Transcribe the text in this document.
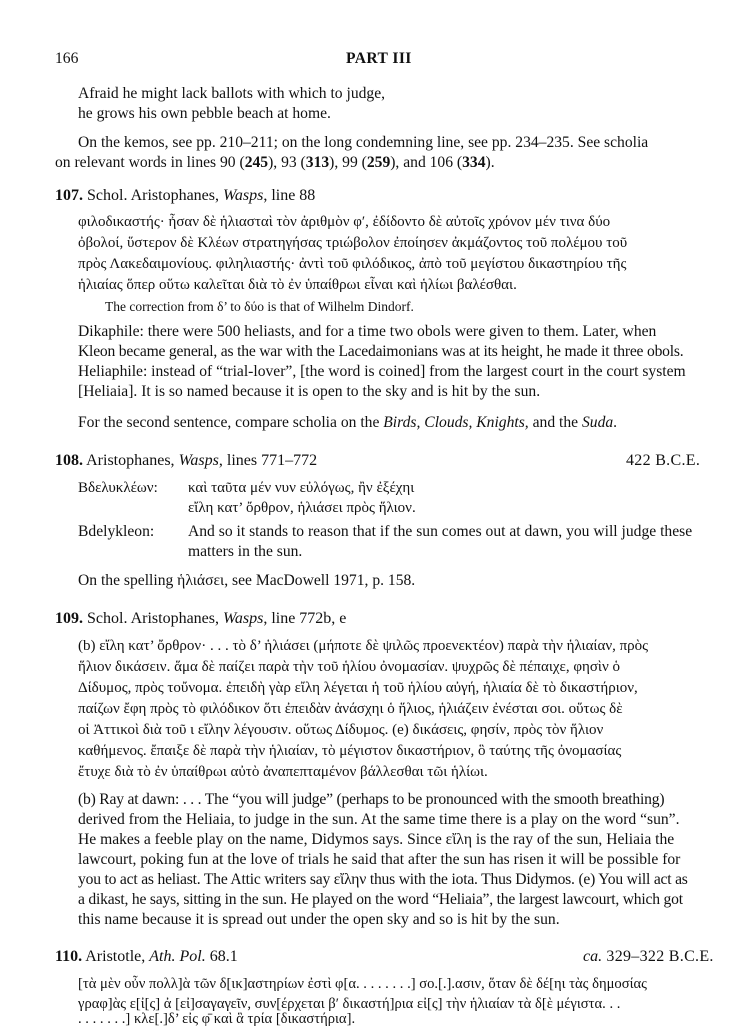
166	PART III
Afraid he might lack ballots with which to judge,
he grows his own pebble beach at home.
On the kemos, see pp. 210–211; on the long condemning line, see pp. 234–235. See scholia
on relevant words in lines 90 (245), 93 (313), 99 (259), and 106 (334).
107. Schol. Aristophanes, Wasps, line 88
φιλοδικαστής· ἦσαν δὲ ἡλιασταὶ τὸν ἀριθμὸν φʹ, ἐδίδοντο δὲ αὐτοῖς χρόνον μέν τινα δύο
ὀβολοί, ὕστερον δὲ Κλέων στρατηγήσας τριώβολον ἐποίησεν ἀκμάζοντος τοῦ πολέμου τοῦ
πρὸς Λακεδαιμονίους. φιληλιαστής· ἀντὶ τοῦ φιλόδικος, ἀπὸ τοῦ μεγίστου δικαστηρίου τῆς
ἡλιαίας ὅπερ οὕτω καλεῖται διὰ τὸ ἐν ὑπαίθρωι εἶναι καὶ ἡλίωι βαλέσθαι.
The correction from δ’ to δύο is that of Wilhelm Dindorf.
Dikaphile: there were 500 heliasts, and for a time two obols were given to them. Later, when
Kleon became general, as the war with the Lacedaimonians was at its height, he made it three obols.
Heliaphile: instead of “trial-lover”, [the word is coined] from the largest court in the court system
[Heliaia]. It is so named because it is open to the sky and is hit by the sun.
For the second sentence, compare scholia on the Birds, Clouds, Knights, and the Suda.
108. Aristophanes, Wasps, lines 771–772	422 B.C.E.
Βδελυκλέων: καὶ ταῦτα μέν νυν εὐλόγως, ἢν ἐξέχηι
εἴλη κατ’ ὄρθρον, ἡλιάσει πρὸς ἥλιον.
Bdelykleon: And so it stands to reason that if the sun comes out at dawn, you will judge these
matters in the sun.
On the spelling ἡλιάσει, see MacDowell 1971, p. 158.
109. Schol. Aristophanes, Wasps, line 772b, e
(b) εἴλη κατ’ ὄρθρον· . . . τὸ δ’ ἡλιάσει (μήποτε δὲ ψιλῶς προενεκτέον) παρὰ τὴν ἡλιαίαν, πρὸς
ἥλιον δικάσειν. ἅμα δὲ παίζει παρὰ τὴν τοῦ ἡλίου ὀνομασίαν. ψυχρῶς δὲ πέπαιχε, φησὶν ὁ
Δίδυμος, πρὸς τοὔνομα. ἐπειδὴ γὰρ εἴλη λέγεται ἡ τοῦ ἡλίου αὐγή, ἡλιαία δὲ τὸ δικαστήριον,
παίζων ἔφη πρὸς τὸ φιλόδικον ὅτι ἐπειδὰν ἀνάσχηι ὁ ἥλιος, ἡλιάζειν ἐνέσται σοι. οὕτως δὲ
οἱ Ἀττικοὶ διὰ τοῦ ι εἴλην λέγουσιν. οὕτως Δίδυμος. (e) δικάσεις, φησίν, πρὸς τὸν ἥλιον
καθήμενος. ἔπαιξε δὲ παρὰ τὴν ἡλιαίαν, τὸ μέγιστον δικαστήριον, ὃ ταύτης τῆς ὀνομασίας
ἔτυχε διὰ τὸ ἐν ὑπαίθρωι αὐτὸ ἀναπεπταμένον βάλλεσθαι τῶι ἡλίωι.
(b) Ray at dawn: . . . The “you will judge” (perhaps to be pronounced with the smooth breathing)
derived from the Heliaia, to judge in the sun. At the same time there is a play on the word “sun”.
He makes a feeble play on the name, Didymos says. Since εἴλη is the ray of the sun, Heliaia the
lawcourt, poking fun at the love of trials he said that after the sun has risen it will be possible for
you to act as heliast. The Attic writers say εἴλην thus with the iota. Thus Didymos. (e) You will act as
a dikast, he says, sitting in the sun. He played on the word “Heliaia”, the largest lawcourt, which got
this name because it is spread out under the open sky and so is hit by the sun.
110. Aristotle, Ath. Pol. 68.1	ca. 329–322 B.C.E.
[τὰ μὲν οὖν πολλ]ὰ τῶν δ[ικ]αστηρίων ἐστὶ φ[α. . . . . . . .] σο.[.].ασιν, ὅταν δὲ δέ[ηι τὰς δημοσίας
γραφ]ὰς ε[ἰ[ς] ἀ [εἰ]σαγαγεῖν, συν[έρχεται βʹ δικαστή]ρια εἰ[ς] τὴν ἡλιαίαν τὰ δ[ὲ μέγιστα. . .
. . . . . . .] κλε[.]δ’ εἰς φ̄ καὶ ἃ τρία [δικαστήρια].
